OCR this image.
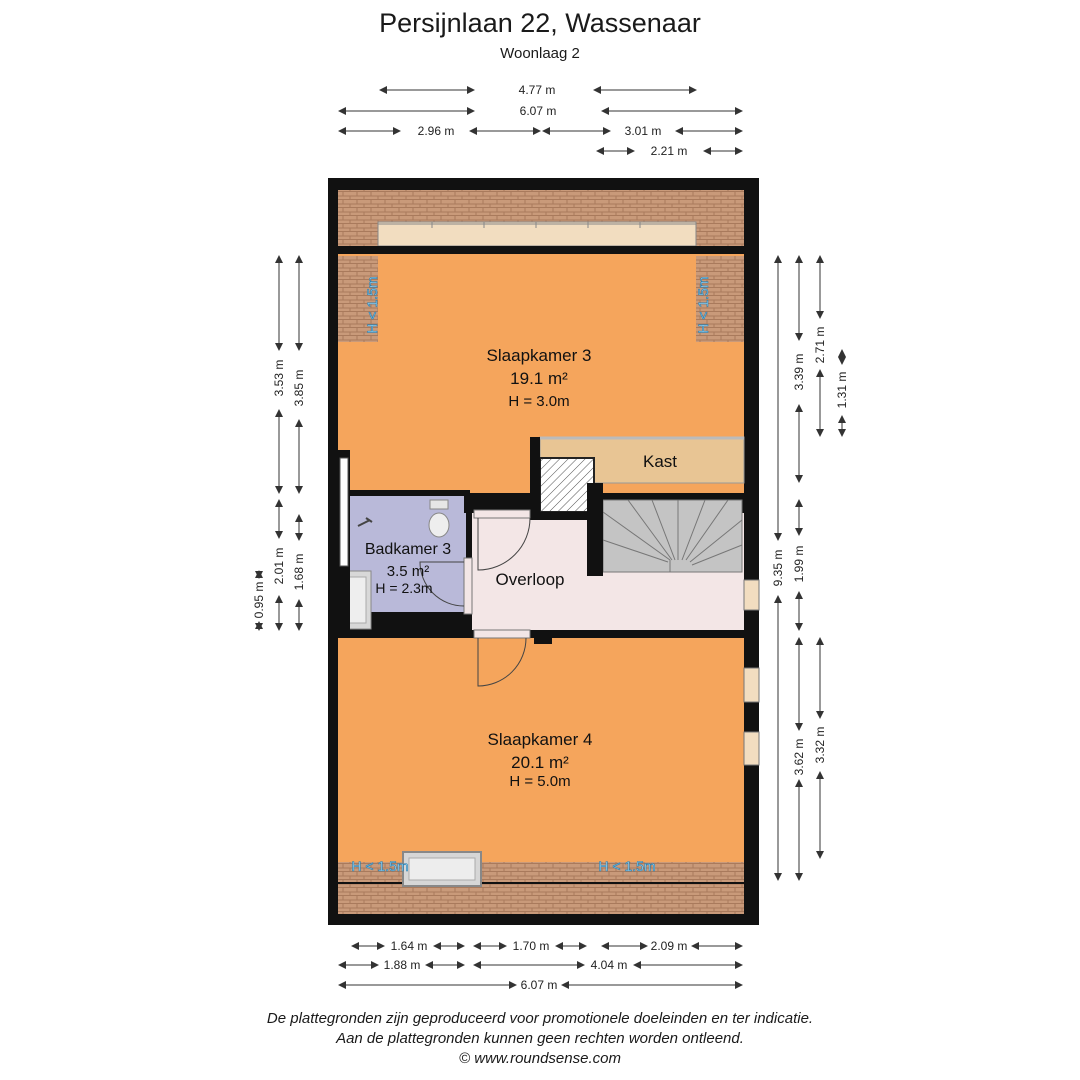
Persijnlaan 22, Wassenaar
Woonlaag 2
Slaapkamer 3
19.1 m²
H = 3.0m
Kast
Badkamer 3
3.5 m²
H = 2.3m	Overloop
Slaapkamer 4
20.1 m²
H = 5.0m
H < 1.5m	H < 1.5m
H < 1.5m	H < 1.5m
4.77 m
6.07 m
2.96 m	3.01 m
2.21 m
1.64 m	1.70 m	2.09 m
1.88 m	4.04 m
6.07 m
3.53 m 3.85 m
2.01 m 1.68 m
0.95 m
3.39 m
2.71 m
1.31 m
9.35 m 1.99 m
3.62 m 3.32 m
De plattegronden zijn geproduceerd voor promotionele doeleinden en ter indicatie.
Aan de plattegronden kunnen geen rechten worden ontleend.
© www.roundsense.com
